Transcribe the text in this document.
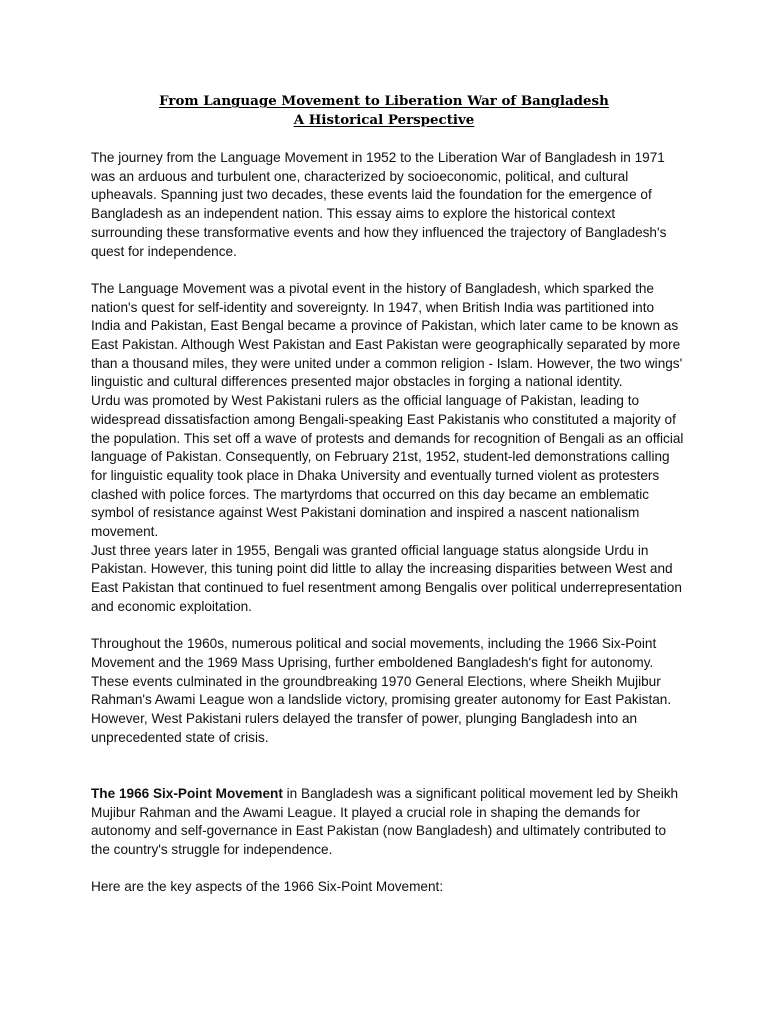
From Language Movement to Liberation War of Bangladesh
A Historical Perspective

The journey from the Language Movement in 1952 to the Liberation War of Bangladesh in 1971 was an arduous and turbulent one, characterized by socioeconomic, political, and cultural upheavals. Spanning just two decades, these events laid the foundation for the emergence of Bangladesh as an independent nation. This essay aims to explore the historical context surrounding these transformative events and how they influenced the trajectory of Bangladesh's quest for independence.

The Language Movement was a pivotal event in the history of Bangladesh, which sparked the nation's quest for self-identity and sovereignty. In 1947, when British India was partitioned into India and Pakistan, East Bengal became a province of Pakistan, which later came to be known as East Pakistan. Although West Pakistan and East Pakistan were geographically separated by more than a thousand miles, they were united under a common religion - Islam. However, the two wings' linguistic and cultural differences presented major obstacles in forging a national identity.

Urdu was promoted by West Pakistani rulers as the official language of Pakistan, leading to widespread dissatisfaction among Bengali-speaking East Pakistanis who constituted a majority of the population. This set off a wave of protests and demands for recognition of Bengali as an official language of Pakistan. Consequently, on February 21st, 1952, student-led demonstrations calling for linguistic equality took place in Dhaka University and eventually turned violent as protesters clashed with police forces. The martyrdoms that occurred on this day became an emblematic symbol of resistance against West Pakistani domination and inspired a nascent nationalism movement.

Just three years later in 1955, Bengali was granted official language status alongside Urdu in Pakistan. However, this tuning point did little to allay the increasing disparities between West and East Pakistan that continued to fuel resentment among Bengalis over political underrepresentation and economic exploitation.

Throughout the 1960s, numerous political and social movements, including the 1966 Six-Point Movement and the 1969 Mass Uprising, further emboldened Bangladesh's fight for autonomy. These events culminated in the groundbreaking 1970 General Elections, where Sheikh Mujibur Rahman's Awami League won a landslide victory, promising greater autonomy for East Pakistan. However, West Pakistani rulers delayed the transfer of power, plunging Bangladesh into an unprecedented state of crisis.

The 1966 Six-Point Movement in Bangladesh was a significant political movement led by Sheikh Mujibur Rahman and the Awami League. It played a crucial role in shaping the demands for autonomy and self-governance in East Pakistan (now Bangladesh) and ultimately contributed to the country's struggle for independence.

Here are the key aspects of the 1966 Six-Point Movement:
